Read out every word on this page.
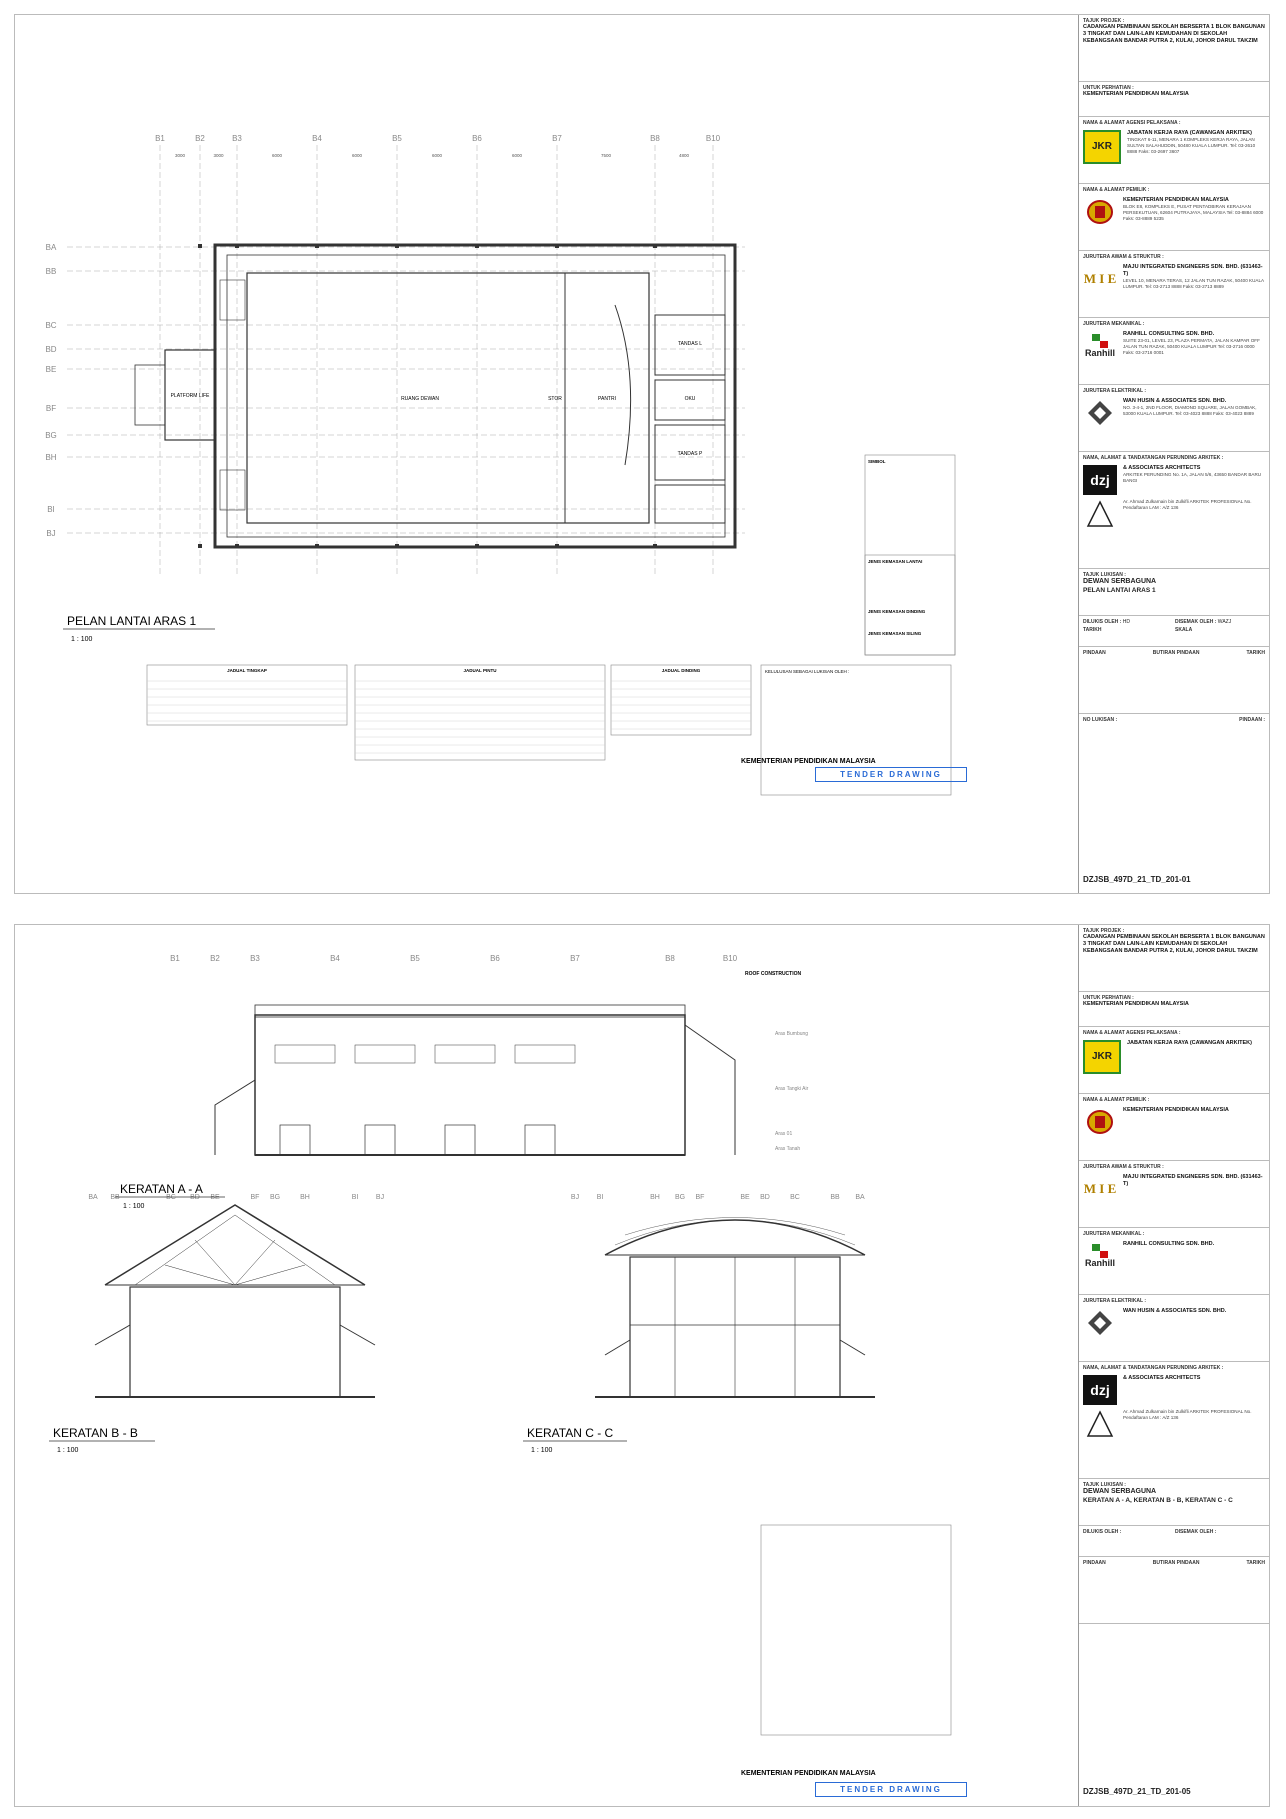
B1	B2	B3	B4	B5	B6	B7	B8	B10
3000	3000	6000	6000	6000	6000	7500	4800
BA
BB
BC
BD
BE
BF
BG
BH
BI
BJ
RUANG DEWAN
PLATFORM LIFE	STOR	PANTRI
TANDAS L
TANDAS P
OKU
PELAN LANTAI ARAS 1
1 : 100
SIMBOL
JENIS KEMASAN LANTAI
JENIS KEMASAN DINDING
JENIS KEMASAN SILING
JADUAL TINGKAP	JADUAL PINTU	JADUAL DINDING	KELULUSAN SEBAGAI LUKISAN OLEH :
KEMENTERIAN PENDIDIKAN MALAYSIA
TENDER DRAWING
TAJUK PROJEK :
CADANGAN PEMBINAAN SEKOLAH BERSERTA 1 BLOK BANGUNAN 3 TINGKAT DAN LAIN-LAIN KEMUDAHAN DI SEKOLAH KEBANGSAAN BANDAR PUTRA 2, KULAI, JOHOR DARUL TAKZIM
UNTUK PERHATIAN :
KEMENTERIAN PENDIDIKAN MALAYSIA
NAMA & ALAMAT AGENSI PELAKSANA :
JKR
JABATAN KERJA RAYA (CAWANGAN ARKITEK)
TINGKAT 6-11, MENARA 1 KOMPLEKS KERJA RAYA, JALAN SULTAN SALAHUDDIN, 50480 KUALA LUMPUR. Tel: 03-2610 8888 Faks: 03-2697 3607
NAMA & ALAMAT PEMILIK :
KEMENTERIAN PENDIDIKAN MALAYSIA
BLOK E8, KOMPLEKS E, PUSAT PENTADBIRAN KERAJAAN PERSEKUTUAN, 62604 PUTRAJAYA, MALAYSIA Tel: 03-8884 6000 Faks: 03-8889 5235
JURUTERA AWAM & STRUKTUR :
M I E
MAJU INTEGRATED ENGINEERS SDN. BHD. (631463-T)
LEVEL 10, MENARA TERAS, 12 JALAN TUN RAZAK, 50400 KUALA LUMPUR. Tel: 03-2713 8888 Faks: 03-2713 8889
JURUTERA MEKANIKAL :
Ranhill
RANHILL CONSULTING SDN. BHD.
SUITE 23-01, LEVEL 23, PLAZA PERMATA, JALAN KAMPAR OFF JALAN TUN RAZAK, 50400 KUALA LUMPUR Tel: 03-2716 0000 Faks: 03-2716 0001
JURUTERA ELEKTRIKAL :
WAN HUSIN & ASSOCIATES SDN. BHD.
NO. 3-4-1, 2ND FLOOR, DIAMOND SQUARE, JALAN GOMBAK, 53000 KUALA LUMPUR. Tel: 03-4023 8888 Faks: 03-4023 8889
NAMA, ALAMAT & TANDATANGAN PERUNDING ARKITEK :
dzj
& ASSOCIATES ARCHITECTS
ARKITEK PERUNDING No. 1A, JALAN 5/6, 43650 BANDAR BARU BANGI
Ar. Ahmad Zulkarnain bin Zulkifli ARKITEK PROFESIONAL No. Pendaftaran LAM : A/Z 136
TAJUK LUKISAN :
DEWAN SERBAGUNA
PELAN LANTAI ARAS 1
DILUKIS OLEH : HD	DISEMAK OLEH : WAZJ
TARIKH	SKALA
PINDAAN	BUTIRAN PINDAAN	TARIKH
NO LUKISAN :	PINDAAN :
DZJSB_497D_21_TD_201-01
B1	B2	B3	B4	B5	B6	B7	B8	B10
BA BB	BC BD BE	BF BG	BH	BI	BJ	BJ	BI	BH BG BF	BE BD	BC	BB BA
KERATAN A - A
1 : 100
ROOF CONSTRUCTION
Aras Bumbung
Aras Tangki Air
Aras 01
Aras Tanah
KERATAN B - B
1 : 100
KERATAN C - C
1 : 100
KEMENTERIAN PENDIDIKAN MALAYSIA
TENDER DRAWING
TAJUK PROJEK :
CADANGAN PEMBINAAN SEKOLAH BERSERTA 1 BLOK BANGUNAN 3 TINGKAT DAN LAIN-LAIN KEMUDAHAN DI SEKOLAH KEBANGSAAN BANDAR PUTRA 2, KULAI, JOHOR DARUL TAKZIM
UNTUK PERHATIAN :
KEMENTERIAN PENDIDIKAN MALAYSIA
NAMA & ALAMAT AGENSI PELAKSANA :
JKR
JABATAN KERJA RAYA (CAWANGAN ARKITEK)
NAMA & ALAMAT PEMILIK :
KEMENTERIAN PENDIDIKAN MALAYSIA
JURUTERA AWAM & STRUKTUR :
M I E
MAJU INTEGRATED ENGINEERS SDN. BHD. (631463-T)
JURUTERA MEKANIKAL :
Ranhill
RANHILL CONSULTING SDN. BHD.
JURUTERA ELEKTRIKAL :
WAN HUSIN & ASSOCIATES SDN. BHD.
NAMA, ALAMAT & TANDATANGAN PERUNDING ARKITEK :
dzj
& ASSOCIATES ARCHITECTS
Ar. Ahmad Zulkarnain bin Zulkifli ARKITEK PROFESIONAL No. Pendaftaran LAM : A/Z 136
TAJUK LUKISAN :
DEWAN SERBAGUNA
KERATAN A - A, KERATAN B - B, KERATAN C - C
DILUKIS OLEH :	DISEMAK OLEH :
PINDAAN	BUTIRAN PINDAAN	TARIKH
DZJSB_497D_21_TD_201-05
